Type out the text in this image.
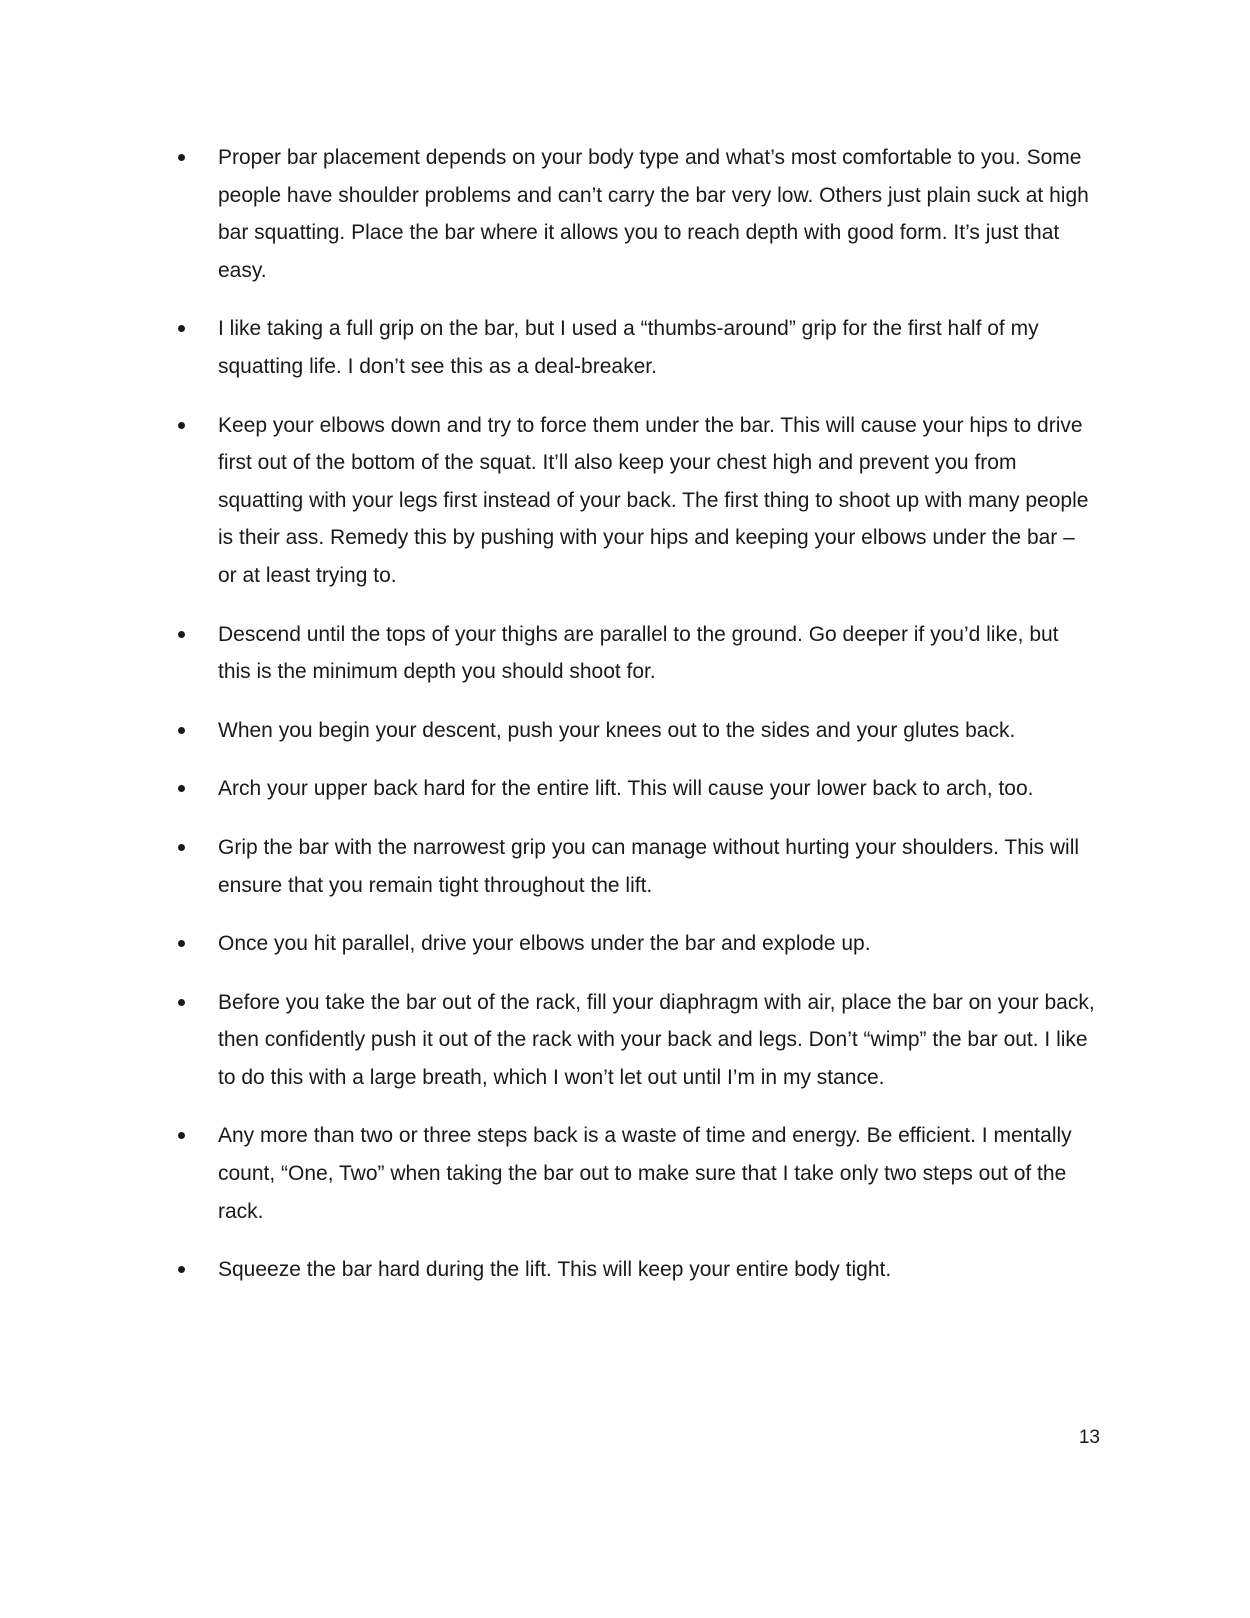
Proper bar placement depends on your body type and what’s most comfortable to you. Some people have shoulder problems and can’t carry the bar very low. Others just plain suck at high bar squatting. Place the bar where it allows you to reach depth with good form. It’s just that easy.
I like taking a full grip on the bar, but I used a “thumbs-around” grip for the first half of my squatting life. I don’t see this as a deal-breaker.
Keep your elbows down and try to force them under the bar. This will cause your hips to drive first out of the bottom of the squat. It’ll also keep your chest high and prevent you from squatting with your legs first instead of your back. The first thing to shoot up with many people is their ass. Remedy this by pushing with your hips and keeping your elbows under the bar – or at least trying to.
Descend until the tops of your thighs are parallel to the ground. Go deeper if you’d like, but this is the minimum depth you should shoot for.
When you begin your descent, push your knees out to the sides and your glutes back.
Arch your upper back hard for the entire lift. This will cause your lower back to arch, too.
Grip the bar with the narrowest grip you can manage without hurting your shoulders. This will ensure that you remain tight throughout the lift.
Once you hit parallel, drive your elbows under the bar and explode up.
Before you take the bar out of the rack, fill your diaphragm with air, place the bar on your back, then confidently push it out of the rack with your back and legs. Don’t “wimp” the bar out. I like to do this with a large breath, which I won’t let out until I’m in my stance.
Any more than two or three steps back is a waste of time and energy. Be efficient. I mentally count, “One, Two” when taking the bar out to make sure that I take only two steps out of the rack.
Squeeze the bar hard during the lift. This will keep your entire body tight.
13
